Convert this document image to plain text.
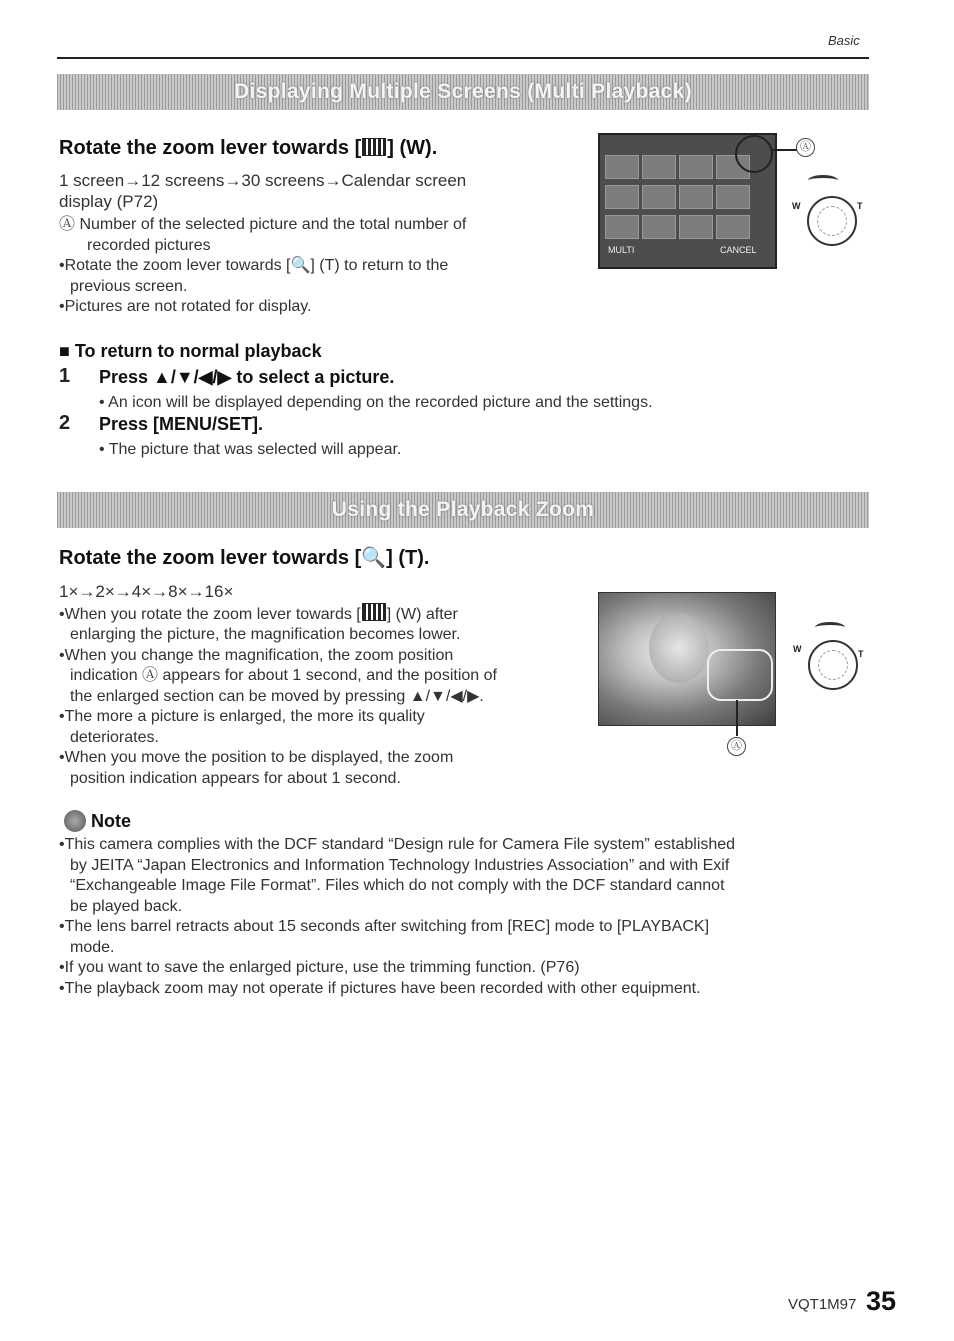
Basic
Displaying Multiple Screens (Multi Playback)
Rotate the zoom lever towards [ ] (W).
1 screen→12 screens→30 screens→Calendar screen
display (P72)
Ⓐ Number of the selected picture and the total number of
recorded pictures
•Rotate the zoom lever towards [🔍] (T) to return to the
previous screen.
•Pictures are not rotated for display.
MULTI	CANCEL
Ⓐ
W	T
■ To return to normal playback
1 Press ▲/▼/◀/▶ to select a picture.
• An icon will be displayed depending on the recorded picture and the settings.
2 Press [MENU/SET].
• The picture that was selected will appear.
Using the Playback Zoom
Rotate the zoom lever towards [🔍] (T).
1×→2×→4×→8×→16×
•When you rotate the zoom lever towards [ ] (W) after
enlarging the picture, the magnification becomes lower.
•When you change the magnification, the zoom position
indication Ⓐ appears for about 1 second, and the position of
the enlarged section can be moved by pressing ▲/▼/◀/▶.
•The more a picture is enlarged, the more its quality
deteriorates.
•When you move the position to be displayed, the zoom
position indication appears for about 1 second.
Ⓐ
W	T
Note
•This camera complies with the DCF standard “Design rule for Camera File system” established
by JEITA “Japan Electronics and Information Technology Industries Association” and with Exif
“Exchangeable Image File Format”. Files which do not comply with the DCF standard cannot
be played back.
•The lens barrel retracts about 15 seconds after switching from [REC] mode to [PLAYBACK]
mode.
•If you want to save the enlarged picture, use the trimming function. (P76)
•The playback zoom may not operate if pictures have been recorded with other equipment.
VQT1M97 35
